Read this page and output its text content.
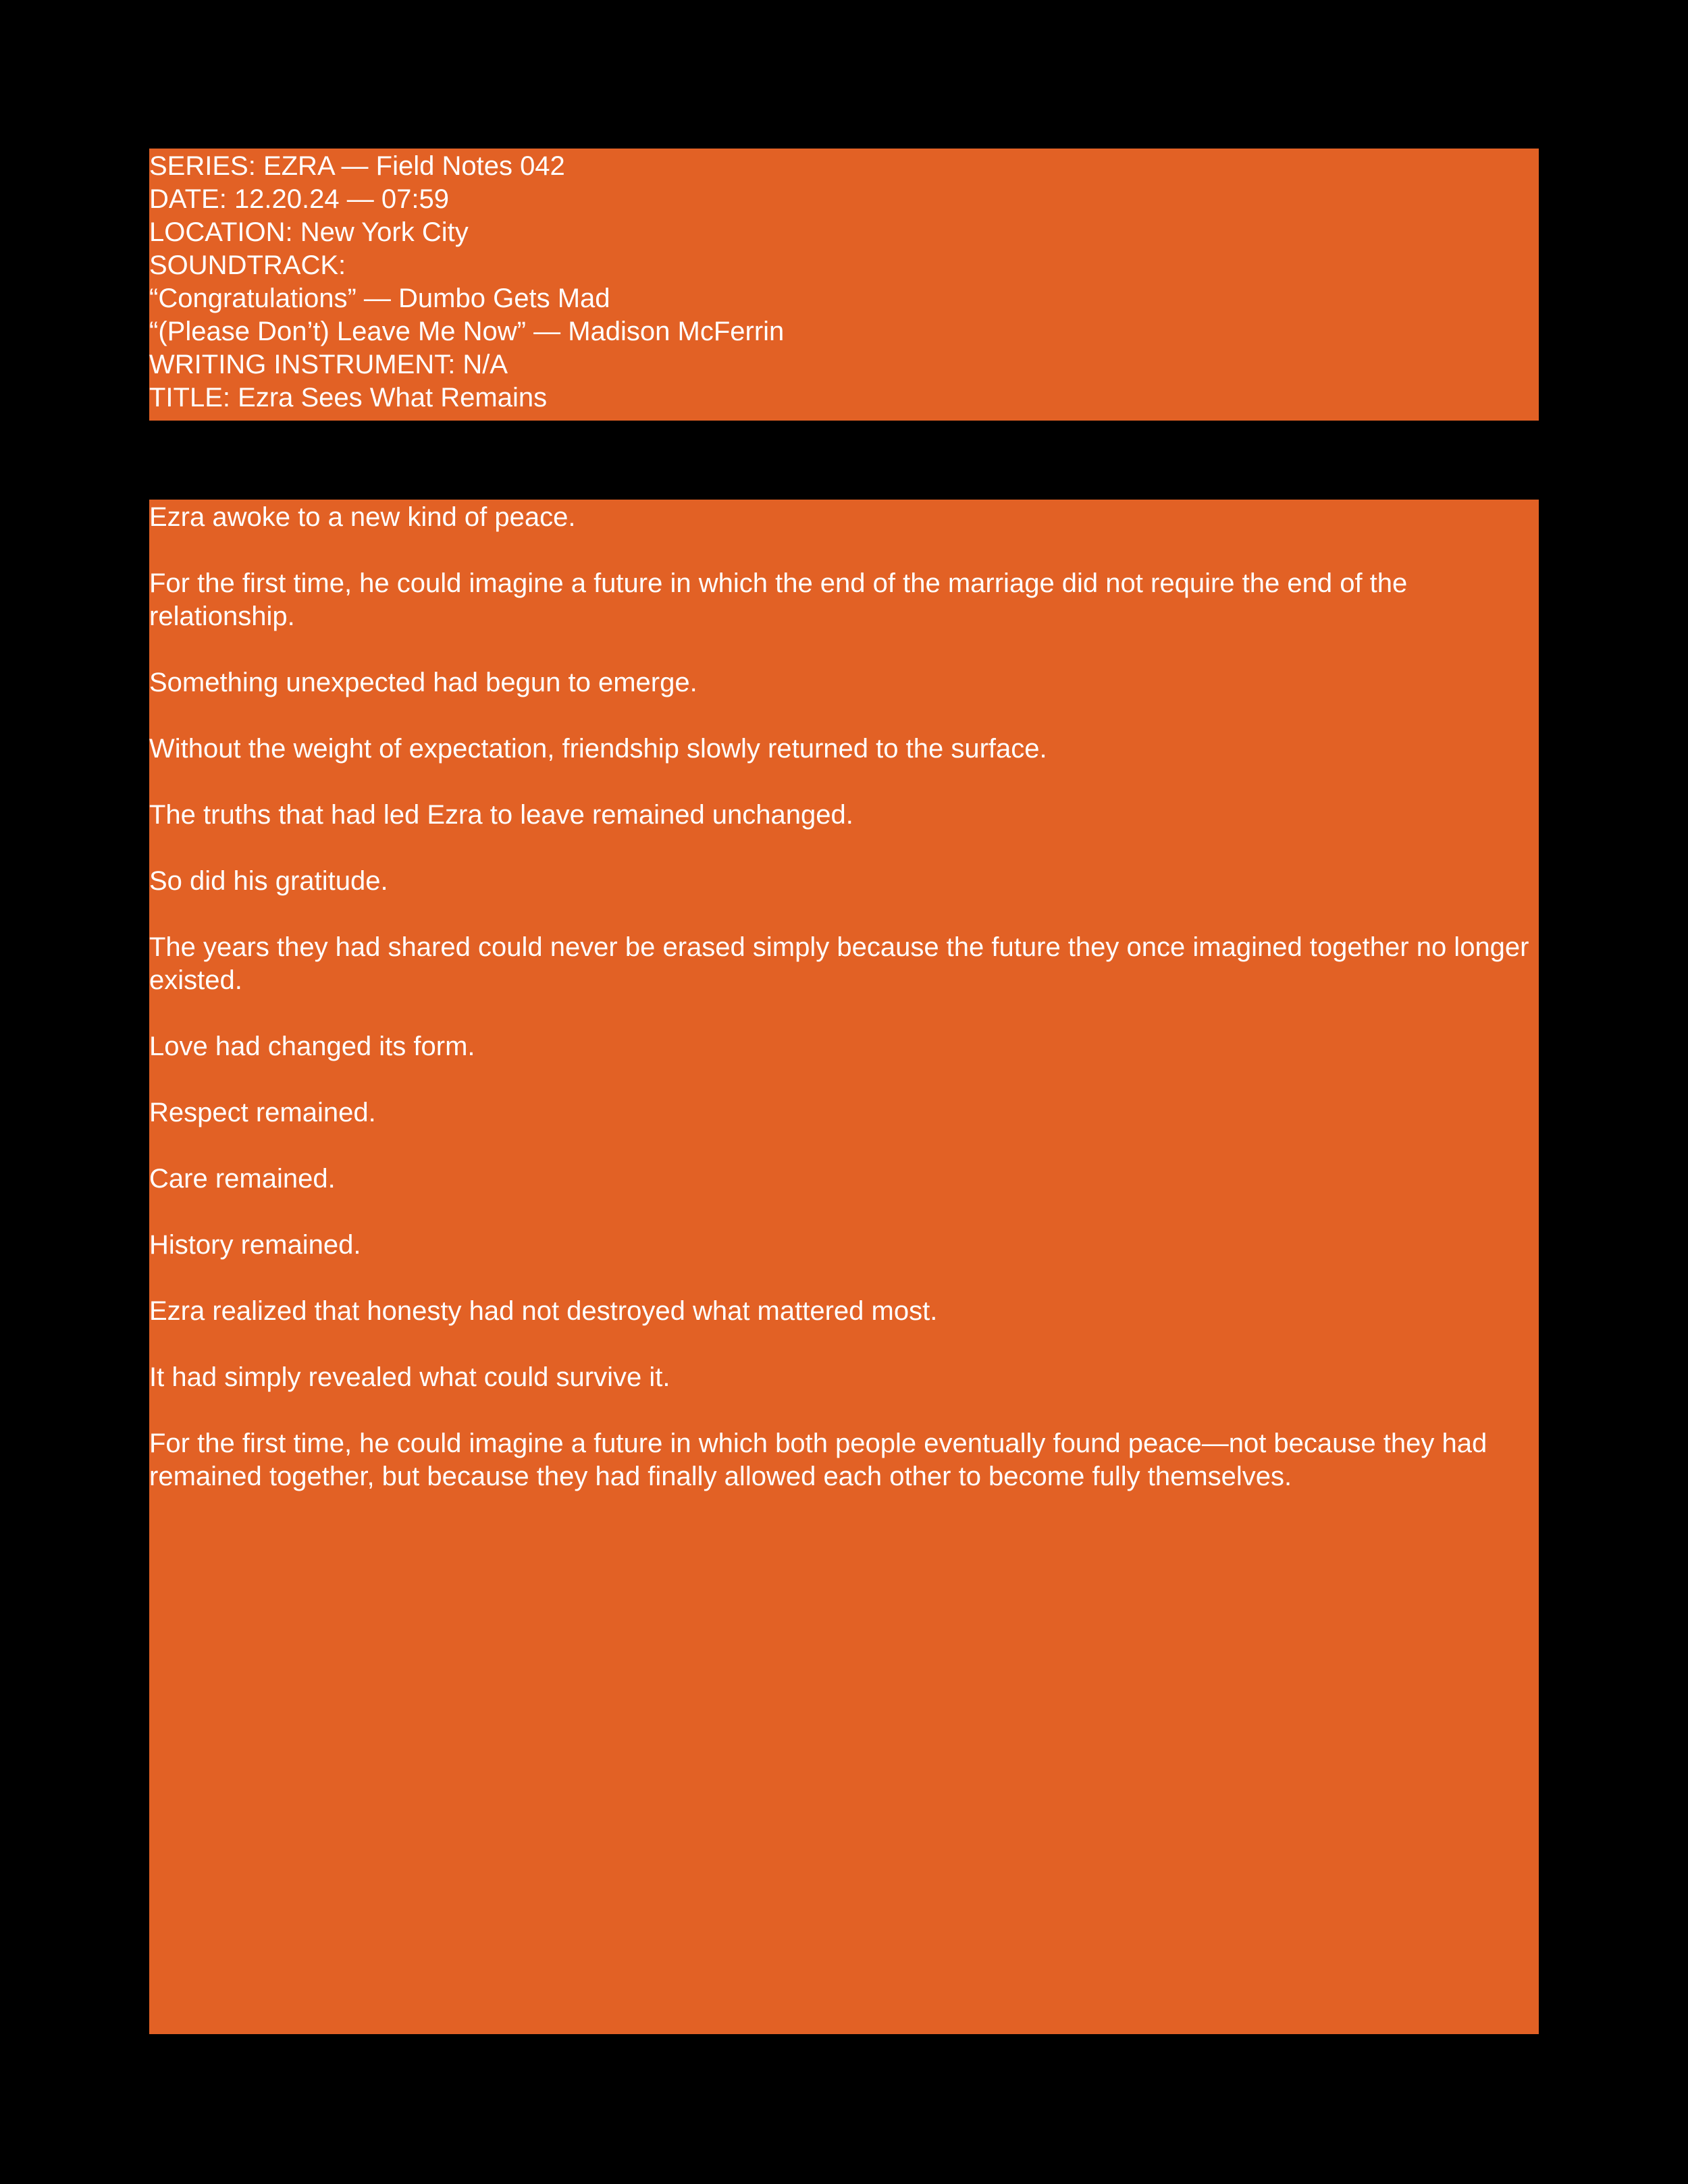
SERIES: EZRA — Field Notes 042
DATE: 12.20.24 — 07:59
LOCATION: New York City
SOUNDTRACK:
“Congratulations” — Dumbo Gets Mad
“(Please Don’t) Leave Me Now” — Madison McFerrin
WRITING INSTRUMENT: N/A
TITLE: Ezra Sees What Remains

Ezra awoke to a new kind of peace.

For the first time, he could imagine a future in which the end of the marriage did not require the end of the relationship.

Something unexpected had begun to emerge.

Without the weight of expectation, friendship slowly returned to the surface.

The truths that had led Ezra to leave remained unchanged.

So did his gratitude.

The years they had shared could never be erased simply because the future they once imagined together no longer existed.

Love had changed its form.

Respect remained.

Care remained.

History remained.

Ezra realized that honesty had not destroyed what mattered most.

It had simply revealed what could survive it.

For the first time, he could imagine a future in which both people eventually found peace—not because they had remained together, but because they had finally allowed each other to become fully themselves.
